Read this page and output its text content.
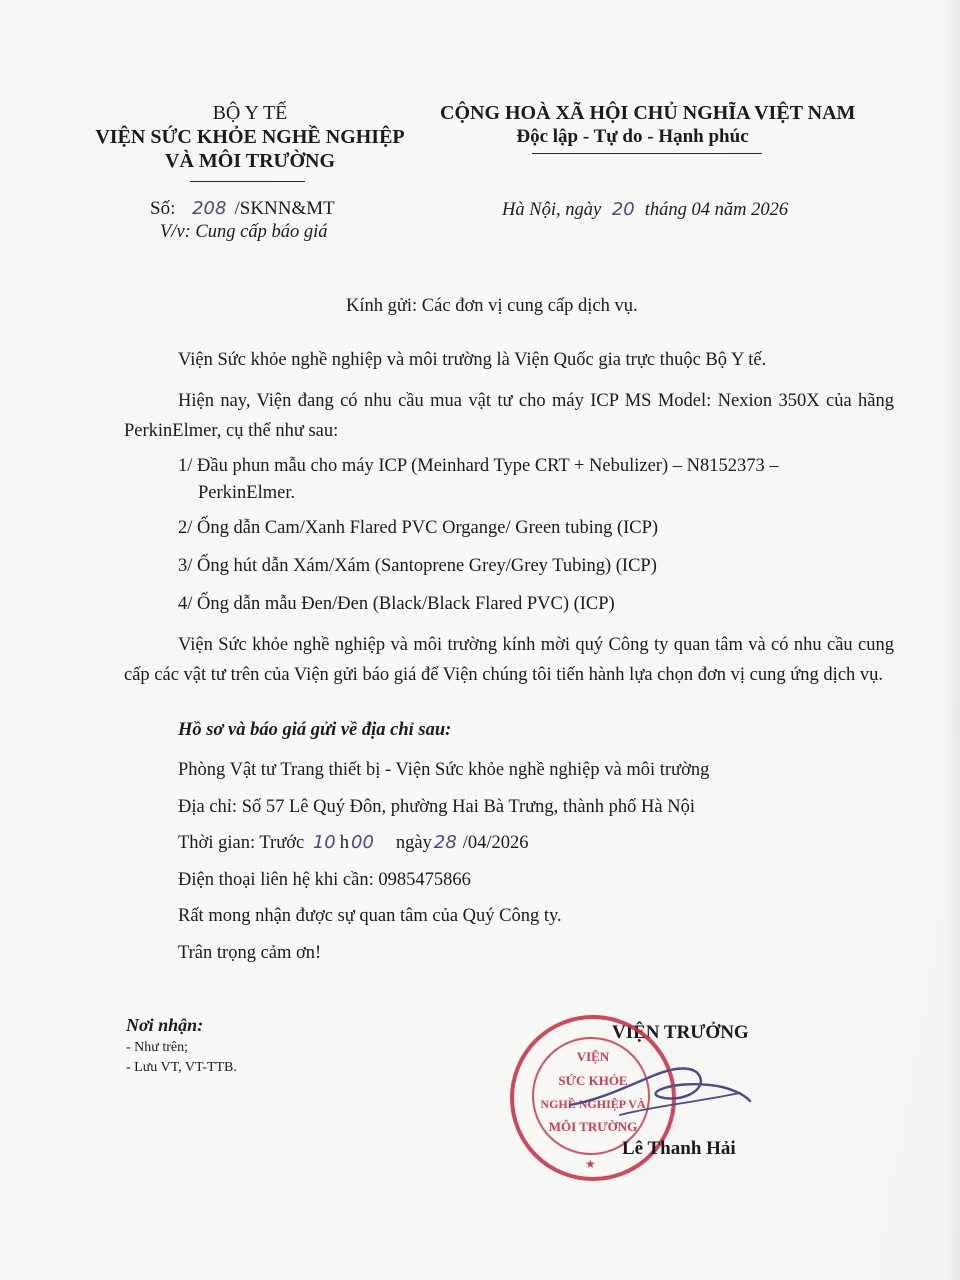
BỘ Y TẾ
VIỆN SỨC KHỎE NGHỀ NGHIỆP
VÀ MÔI TRƯỜNG
CỘNG HOÀ XÃ HỘI CHỦ NGHĨA VIỆT NAM
Độc lập - Tự do - Hạnh phúc
Số: 208 /SKNN&MT
V/v: Cung cấp báo giá
Hà Nội, ngày 20 tháng 04 năm 2026
Kính gửi: Các đơn vị cung cấp dịch vụ.
Viện Sức khỏe nghề nghiệp và môi trường là Viện Quốc gia trực thuộc Bộ Y tế.
Hiện nay, Viện đang có nhu cầu mua vật tư cho máy ICP MS Model: Nexion 350X của hãng PerkinElmer, cụ thể như sau:
1/ Đầu phun mẫu cho máy ICP (Meinhard Type CRT + Nebulizer) – N8152373 –
PerkinElmer.
2/ Ống dẫn Cam/Xanh Flared PVC Organge/ Green tubing (ICP)
3/ Ống hút dẫn Xám/Xám (Santoprene Grey/Grey Tubing) (ICP)
4/ Ống dẫn mẫu Đen/Đen (Black/Black Flared PVC) (ICP)
Viện Sức khỏe nghề nghiệp và môi trường kính mời quý Công ty quan tâm và có nhu cầu cung cấp các vật tư trên của Viện gửi báo giá để Viện chúng tôi tiến hành lựa chọn đơn vị cung ứng dịch vụ.
Hồ sơ và báo giá gửi về địa chỉ sau:
Phòng Vật tư Trang thiết bị - Viện Sức khỏe nghề nghiệp và môi trường
Địa chỉ: Số 57 Lê Quý Đôn, phường Hai Bà Trưng, thành phố Hà Nội
Thời gian: Trước 10 h 00 ngày 28 /04/2026
Điện thoại liên hệ khi cần: 0985475866
Rất mong nhận được sự quan tâm của Quý Công ty.
Trân trọng cảm ơn!
Nơi nhận:
- Như trên;
- Lưu VT, VT-TTB.
VIỆN TRƯỞNG
VIỆN
SỨC KHỎE
NGHỀ NGHIỆP VÀ
MÔI TRƯỜNG
★
Lê Thanh Hải
